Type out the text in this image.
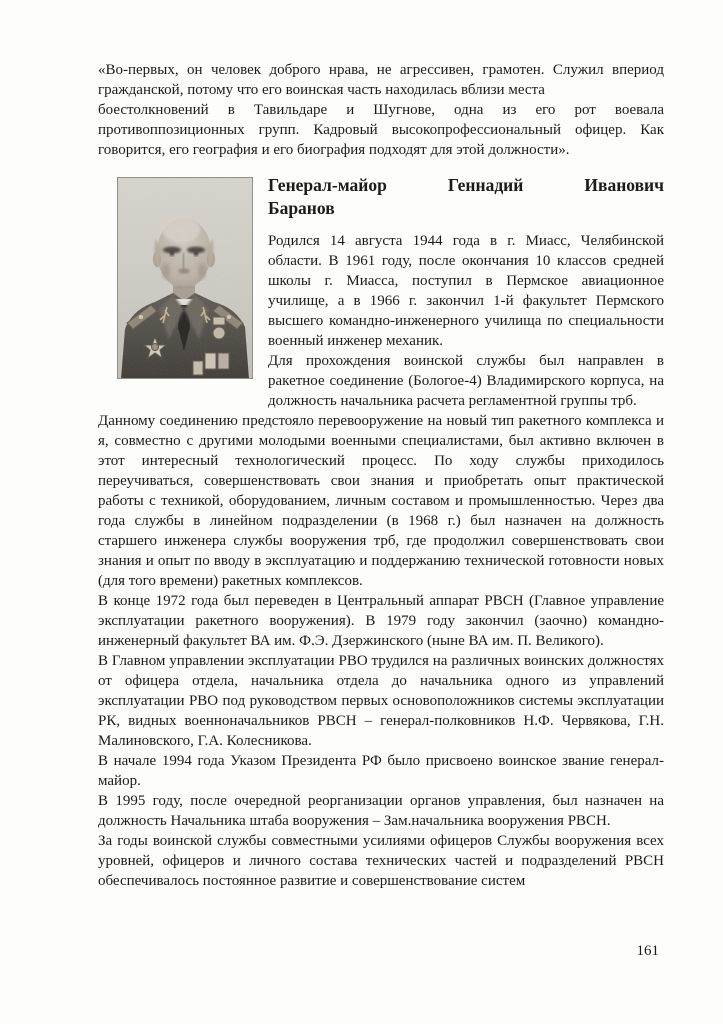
«Во-первых, он человек доброго нрава, не агрессивен, грамотен. Служил впериод гражданской, потому что его воинская часть находилась вблизи места
боестолкновений в Тавильдаре и Шугнове, одна из его рот воевала противоппозиционных групп. Кадровый высокопрофессиональный офицер. Как говорится, его география и его биография подходят для этой должности».

Генерал-майор Геннадий Иванович
Баранов

Родился 14 августа 1944 года в г. Миасс, Челябинской области. В 1961 году, после окончания 10 классов средней школы г. Миасса, поступил в Пермское авиационное училище, а в 1966 г. закончил 1-й факультет Пермского высшего командно-инженерного училища по специальности военный инженер механик.

Для прохождения воинской службы был направлен в ракетное соединение (Бологое-4) Владимирского корпуса, на должность начальника расчета регламентной группы трб.

Данному соединению предстояло перевооружение на новый тип ракетного комплекса и я, совместно с другими молодыми военными специалистами, был активно включен в этот интересный технологический процесс. По ходу службы приходилось переучиваться, совершенствовать свои знания и приобретать опыт практической работы с техникой, оборудованием, личным составом и промышленностью. Через два года службы в линейном подразделении (в 1968 г.) был назначен на должность старшего инженера службы вооружения трб, где продолжил совершенствовать свои знания и опыт по вводу в эксплуатацию и поддержанию технической готовности новых (для того времени) ракетных комплексов.

В конце 1972 года был переведен в Центральный аппарат РВСН (Главное управление эксплуатации ракетного вооружения). В 1979 году закончил (заочно) командно-инженерный факультет ВА им. Ф.Э. Дзержинского (ныне ВА им. П. Великого).

В Главном управлении эксплуатации РВО трудился на различных воинских должностях от офицера отдела, начальника отдела до начальника одного из управлений эксплуатации РВО под руководством первых основоположников системы эксплуатации РК, видных военноначальников РВСН – генерал-полковников Н.Ф. Червякова, Г.Н. Малиновского, Г.А. Колесникова.

В начале 1994 года Указом Президента РФ было присвоено воинское звание генерал-майор.

В 1995 году, после очередной реорганизации органов управления, был назначен на должность Начальника штаба вооружения – Зам.начальника вооружения РВСН.

За годы воинской службы совместными усилиями офицеров Службы вооружения всех уровней, офицеров и личного состава технических частей и подразделений РВСН обеспечивалось постоянное развитие и совершенствование систем

161
